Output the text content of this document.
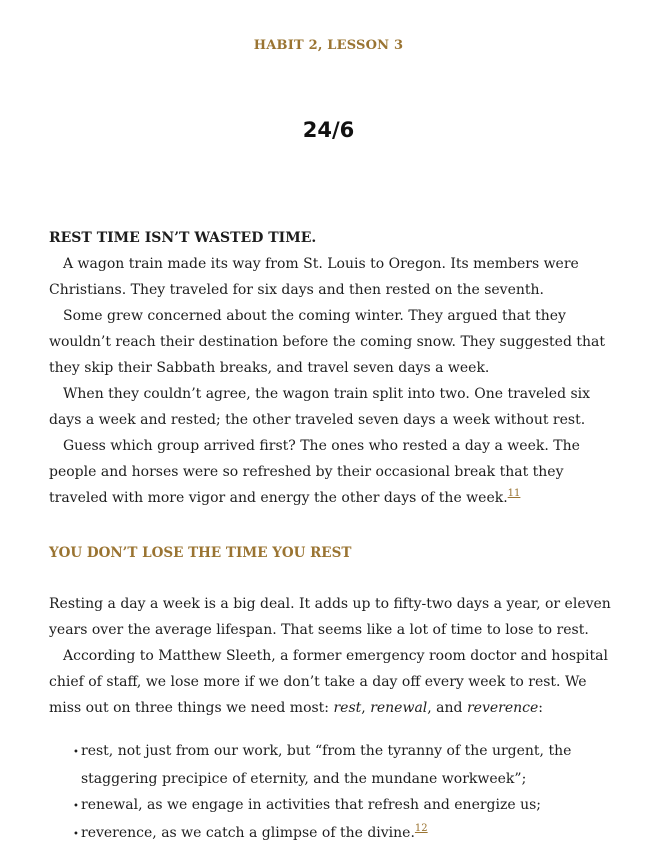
HABIT 2, LESSON 3
24/6

REST TIME ISN’T WASTED TIME.

A wagon train made its way from St. Louis to Oregon. Its members were Christians. They traveled for six days and then rested on the seventh.

Some grew concerned about the coming winter. They argued that they wouldn’t reach their destination before the coming snow. They suggested that they skip their Sabbath breaks, and travel seven days a week.

When they couldn’t agree, the wagon train split into two. One traveled six days a week and rested; the other traveled seven days a week without rest.

Guess which group arrived first? The ones who rested a day a week. The people and horses were so refreshed by their occasional break that they traveled with more vigor and energy the other days of the week.$^{11}$

YOU DON’T LOSE THE TIME YOU REST

Resting a day a week is a big deal. It adds up to fifty-two days a year, or eleven years over the average lifespan. That seems like a lot of time to lose to rest.

According to Matthew Sleeth, a former emergency room doctor and hospital chief of staff, we lose more if we don’t take a day off every week to rest. We miss out on three things we need most: rest, renewal, and reverence:

• rest, not just from our work, but “from the tyranny of the urgent, the staggering precipice of eternity, and the mundane workweek”;
• renewal, as we engage in activities that refresh and energize us;
• reverence, as we catch a glimpse of the divine.$^{12}$
